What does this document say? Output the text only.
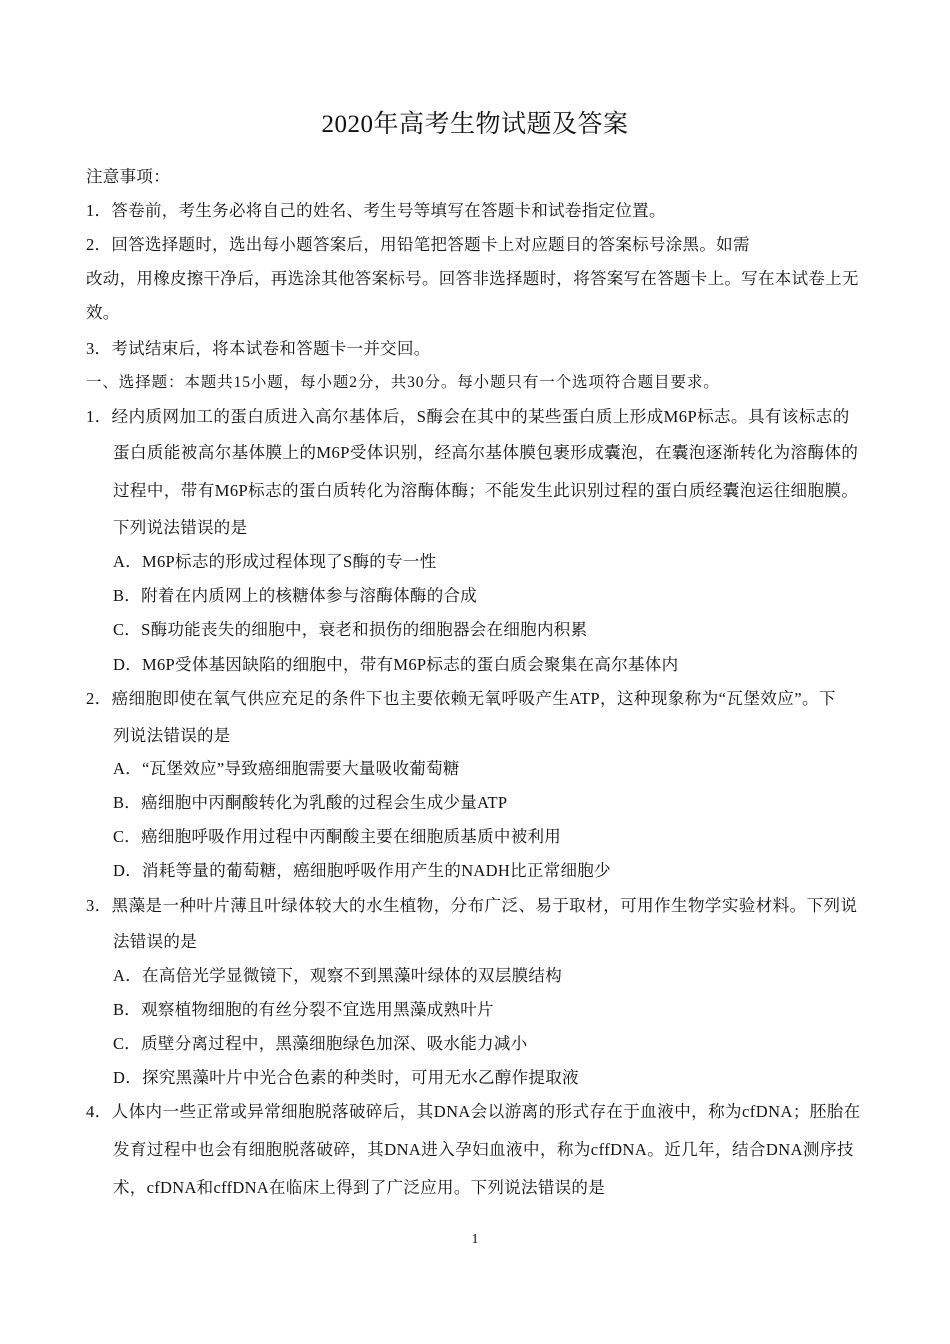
2020年高考生物试题及答案
注意事项：
1．答卷前，考生务必将自己的姓名、考生号等填写在答题卡和试卷指定位置。
2．回答选择题时，选出每小题答案后，用铅笔把答题卡上对应题目的答案标号涂黑。如需
改动，用橡皮擦干净后，再选涂其他答案标号。回答非选择题时，将答案写在答题卡上。写在本试卷上无
效。
3．考试结束后，将本试卷和答题卡一并交回。
一、选择题：本题共15小题，每小题2分，共30分。每小题只有一个选项符合题目要求。
1．经内质网加工的蛋白质进入高尔基体后，S酶会在其中的某些蛋白质上形成M6P标志。具有该标志的
蛋白质能被高尔基体膜上的M6P受体识别，经高尔基体膜包裹形成囊泡，在囊泡逐渐转化为溶酶体的
过程中，带有M6P标志的蛋白质转化为溶酶体酶；不能发生此识别过程的蛋白质经囊泡运往细胞膜。
下列说法错误的是
A．M6P标志的形成过程体现了S酶的专一性
B．附着在内质网上的核糖体参与溶酶体酶的合成
C．S酶功能丧失的细胞中，衰老和损伤的细胞器会在细胞内积累
D．M6P受体基因缺陷的细胞中，带有M6P标志的蛋白质会聚集在高尔基体内
2．癌细胞即使在氧气供应充足的条件下也主要依赖无氧呼吸产生ATP，这种现象称为“瓦堡效应”。下
列说法错误的是
A．“瓦堡效应”导致癌细胞需要大量吸收葡萄糖
B．癌细胞中丙酮酸转化为乳酸的过程会生成少量ATP
C．癌细胞呼吸作用过程中丙酮酸主要在细胞质基质中被利用
D．消耗等量的葡萄糖，癌细胞呼吸作用产生的NADH比正常细胞少
3．黑藻是一种叶片薄且叶绿体较大的水生植物，分布广泛、易于取材，可用作生物学实验材料。下列说
法错误的是
A．在高倍光学显微镜下，观察不到黑藻叶绿体的双层膜结构
B．观察植物细胞的有丝分裂不宜选用黑藻成熟叶片
C．质壁分离过程中，黑藻细胞绿色加深、吸水能力减小
D．探究黑藻叶片中光合色素的种类时，可用无水乙醇作提取液
4．人体内一些正常或异常细胞脱落破碎后，其DNA会以游离的形式存在于血液中，称为cfDNA；胚胎在
发育过程中也会有细胞脱落破碎，其DNA进入孕妇血液中，称为cffDNA。近几年，结合DNA测序技
术，cfDNA和cffDNA在临床上得到了广泛应用。下列说法错误的是
1
